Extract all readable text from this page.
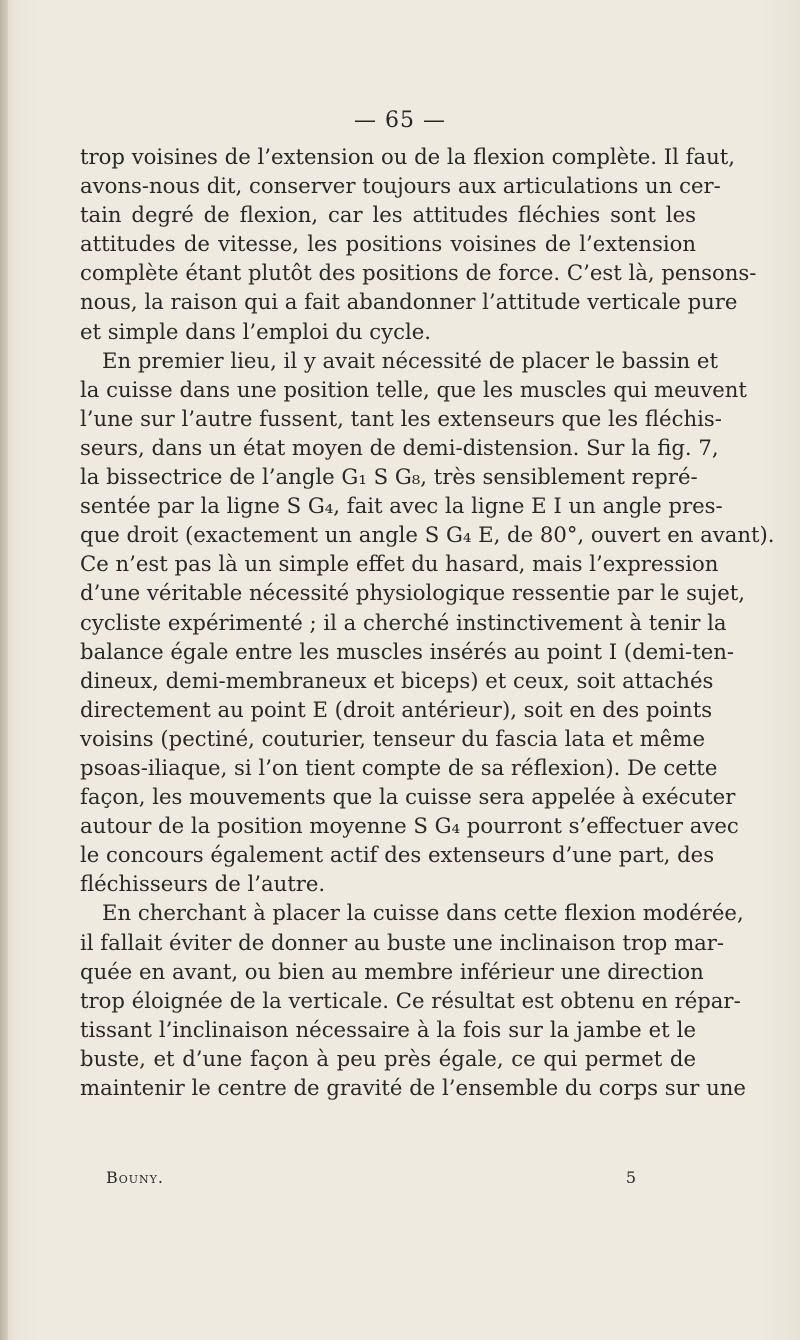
— 65 —
trop voisines de l’extension ou de la flexion complète. Il faut,
avons-nous dit, conserver toujours aux articulations un cer-
tain degré de flexion, car les attitudes fléchies sont les
attitudes de vitesse, les positions voisines de l’extension
complète étant plutôt des positions de force. C’est là, pensons-
nous, la raison qui a fait abandonner l’attitude verticale pure
et simple dans l’emploi du cycle.
En premier lieu, il y avait nécessité de placer le bassin et
la cuisse dans une position telle, que les muscles qui meuvent
l’une sur l’autre fussent, tant les extenseurs que les fléchis-
seurs, dans un état moyen de demi-distension. Sur la fig. 7,
la bissectrice de l’angle G₁ S G₈, très sensiblement repré-
sentée par la ligne S G₄, fait avec la ligne E I un angle pres-
que droit (exactement un angle S G₄ E, de 80°, ouvert en avant).
Ce n’est pas là un simple effet du hasard, mais l’expression
d’une véritable nécessité physiologique ressentie par le sujet,
cycliste expérimenté ; il a cherché instinctivement à tenir la
balance égale entre les muscles insérés au point I (demi-ten-
dineux, demi-membraneux et biceps) et ceux, soit attachés
directement au point E (droit antérieur), soit en des points
voisins (pectiné, couturier, tenseur du fascia lata et même
psoas-iliaque, si l’on tient compte de sa réflexion). De cette
façon, les mouvements que la cuisse sera appelée à exécuter
autour de la position moyenne S G₄ pourront s’effectuer avec
le concours également actif des extenseurs d’une part, des
fléchisseurs de l’autre.
En cherchant à placer la cuisse dans cette flexion modérée,
il fallait éviter de donner au buste une inclinaison trop mar-
quée en avant, ou bien au membre inférieur une direction
trop éloignée de la verticale. Ce résultat est obtenu en répar-
tissant l’inclinaison nécessaire à la fois sur la jambe et le
buste, et d’une façon à peu près égale, ce qui permet de
maintenir le centre de gravité de l’ensemble du corps sur une
Bouny.	5
